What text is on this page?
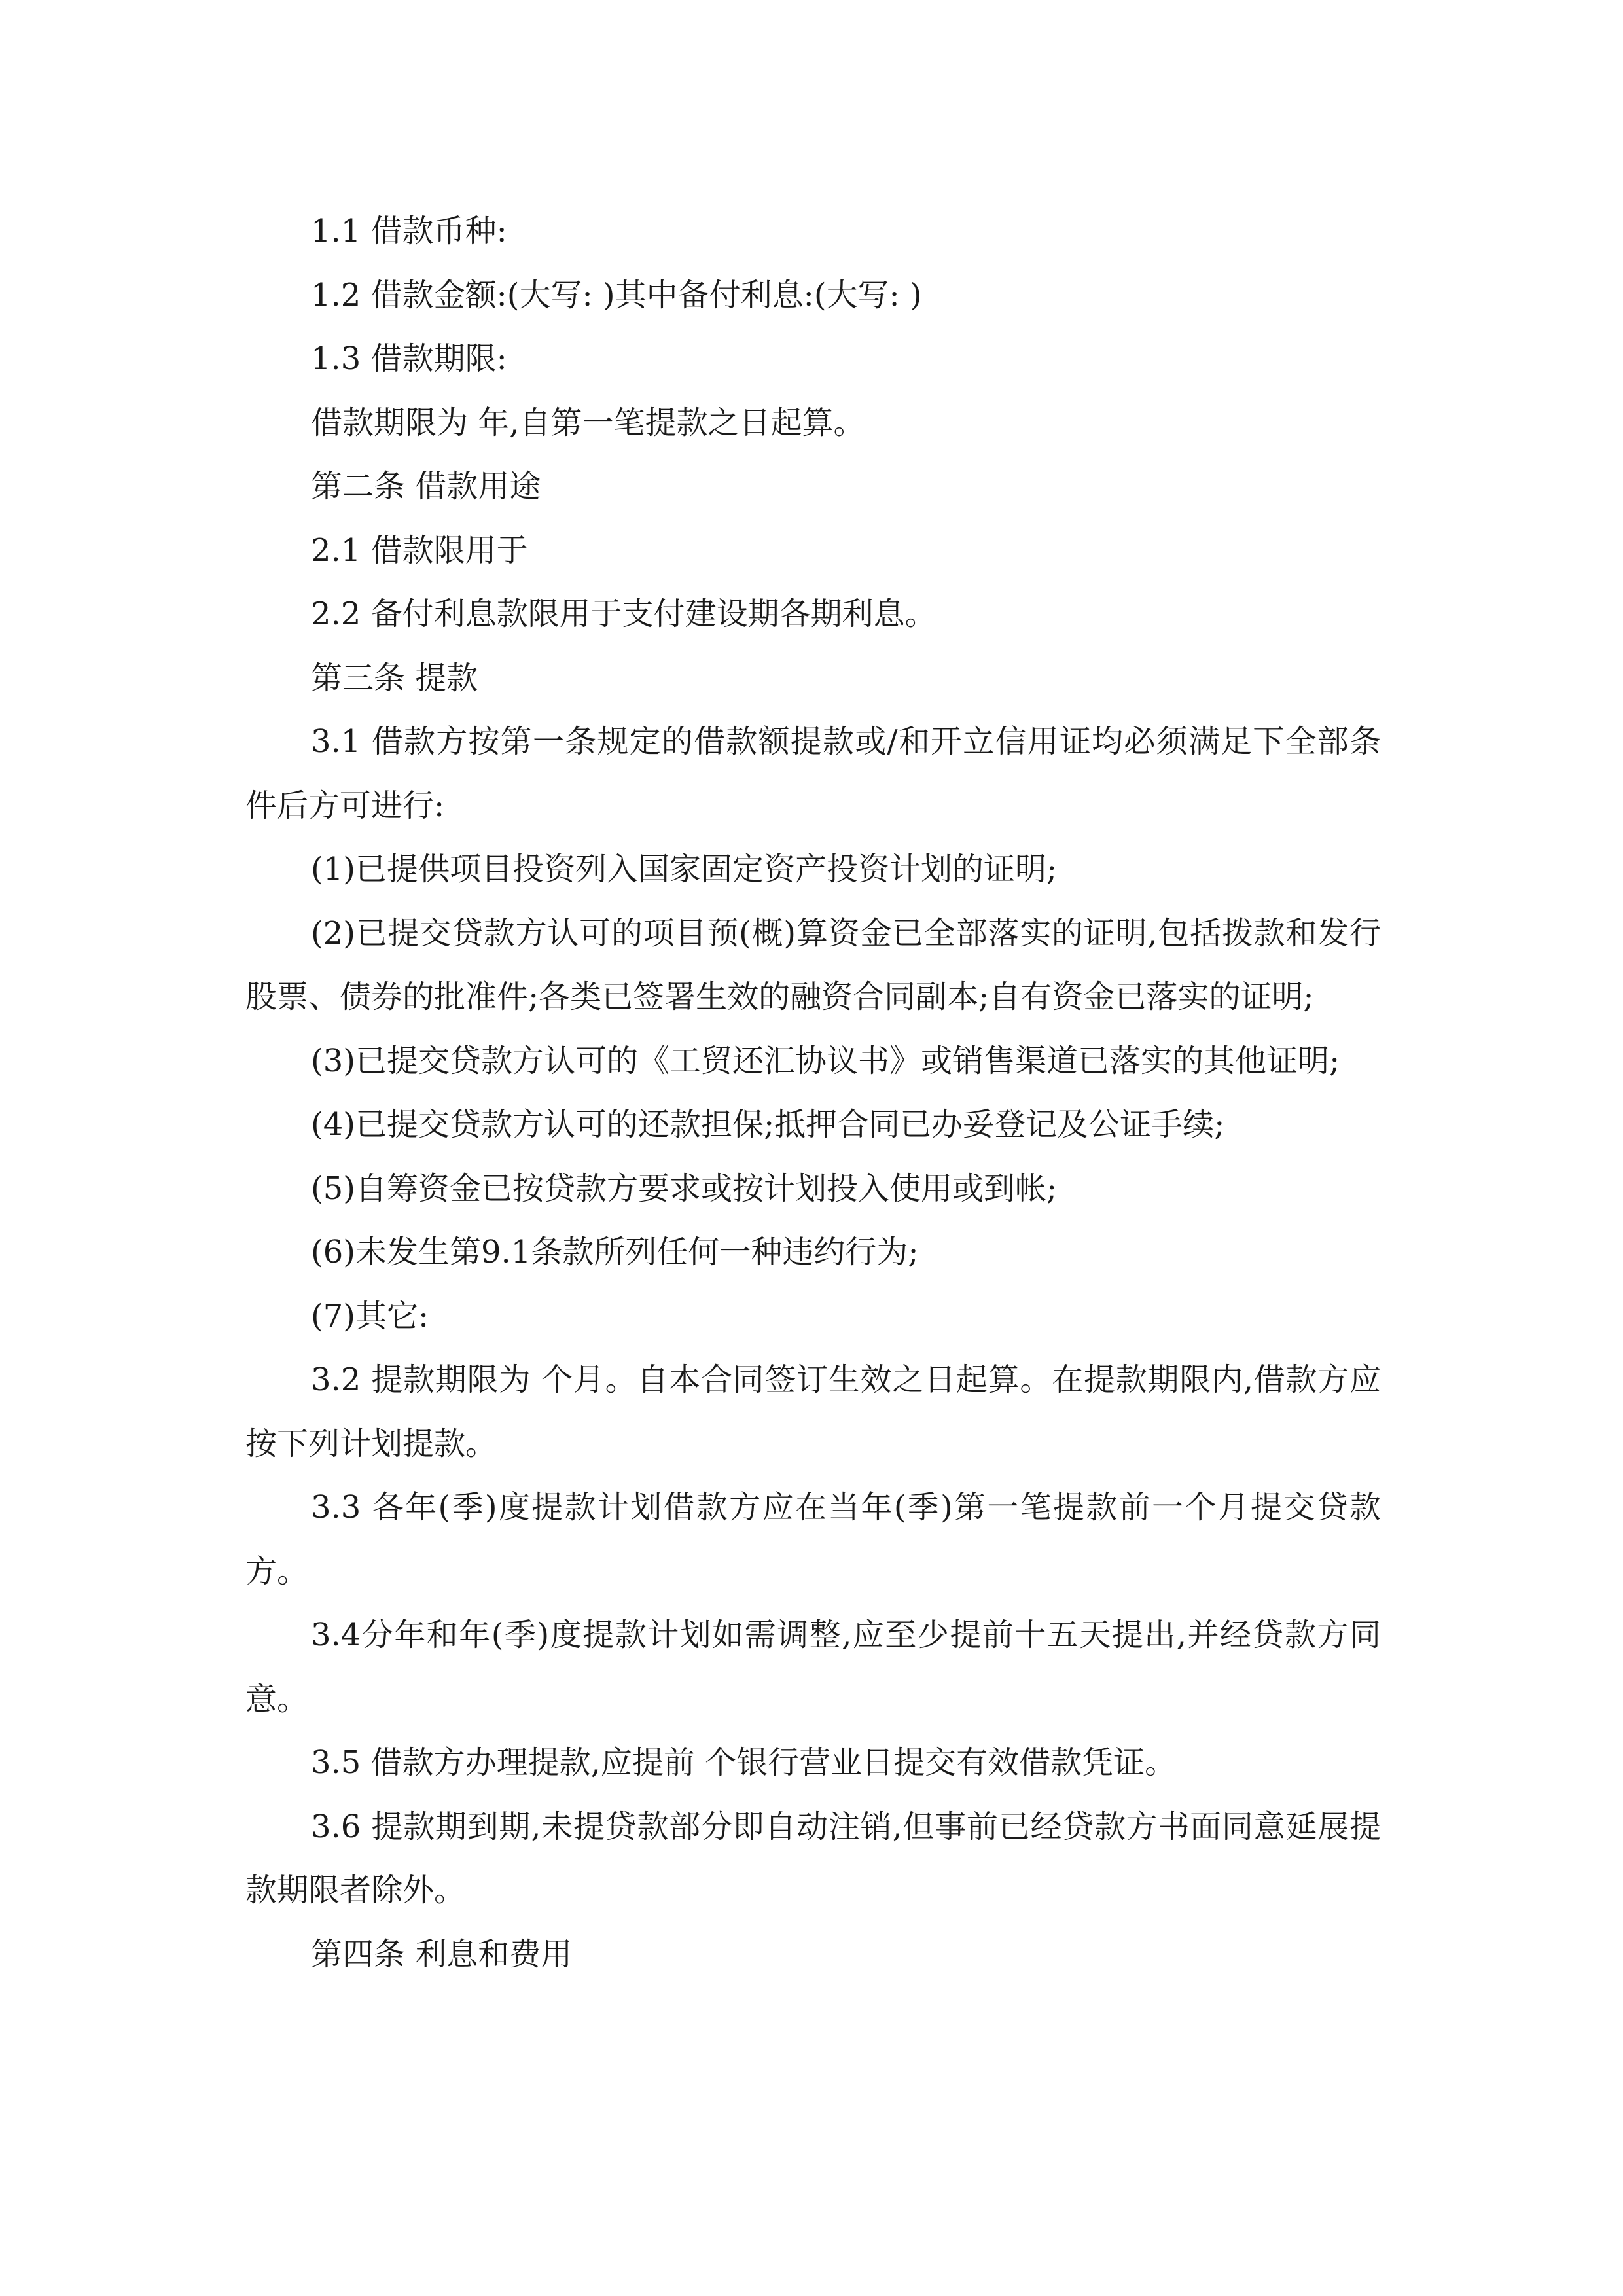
1.1 借款币种:

1.2 借款金额:(大写: )其中备付利息:(大写: )

1.3 借款期限:

借款期限为 年,自第一笔提款之日起算。

第二条 借款用途

2.1 借款限用于

2.2 备付利息款限用于支付建设期各期利息。

第三条 提款

3.1 借款方按第一条规定的借款额提款或/和开立信用证均必须满足下全部条件后方可进行:

(1)已提供项目投资列入国家固定资产投资计划的证明;

(2)已提交贷款方认可的项目预(概)算资金已全部落实的证明,包括拨款和发行股票、债券的批准件;各类已签署生效的融资合同副本;自有资金已落实的证明;

(3)已提交贷款方认可的《工贸还汇协议书》或销售渠道已落实的其他证明;

(4)已提交贷款方认可的还款担保;抵押合同已办妥登记及公证手续;

(5)自筹资金已按贷款方要求或按计划投入使用或到帐;

(6)未发生第9.1条款所列任何一种违约行为;

(7)其它:

3.2 提款期限为 个月。自本合同签订生效之日起算。在提款期限内,借款方应按下列计划提款。

3.3 各年(季)度提款计划借款方应在当年(季)第一笔提款前一个月提交贷款方。

3.4分年和年(季)度提款计划如需调整,应至少提前十五天提出,并经贷款方同意。

3.5 借款方办理提款,应提前 个银行营业日提交有效借款凭证。

3.6 提款期到期,未提贷款部分即自动注销,但事前已经贷款方书面同意延展提款期限者除外。

第四条 利息和费用
